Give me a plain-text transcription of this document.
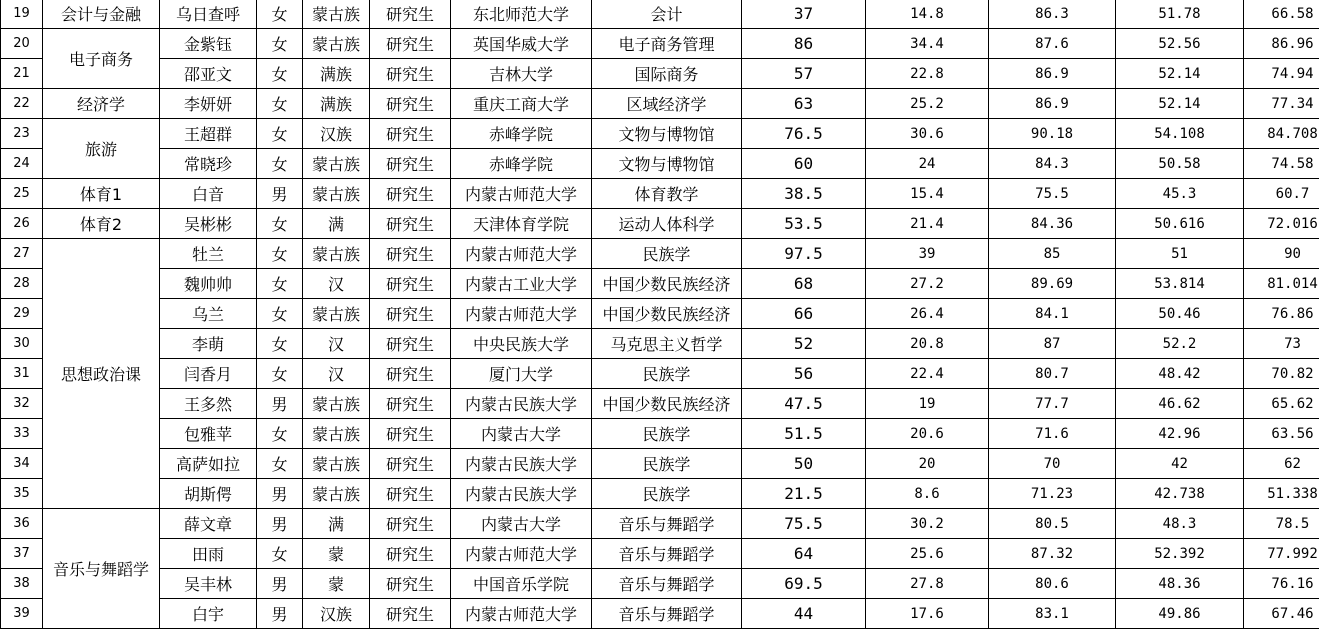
19	会计与金融	乌日查呼	女	蒙古族	研究生	东北师范大学	会计	37	14.8	86.3	51.78	66.58
20	电子商务	金紫钰	女	蒙古族	研究生	英国华威大学	电子商务管理	86	34.4	87.6	52.56	86.96
21		邵亚文	女	满族	研究生	吉林大学	国际商务	57	22.8	86.9	52.14	74.94
22	经济学	李妍妍	女	满族	研究生	重庆工商大学	区域经济学	63	25.2	86.9	52.14	77.34
23	旅游	王超群	女	汉族	研究生	赤峰学院	文物与博物馆	76.5	30.6	90.18	54.108	84.708
24		常晓珍	女	蒙古族	研究生	赤峰学院	文物与博物馆	60	24	84.3	50.58	74.58
25	体育1	白音	男	蒙古族	研究生	内蒙古师范大学	体育教学	38.5	15.4	75.5	45.3	60.7
26	体育2	吴彬彬	女	满	研究生	天津体育学院	运动人体科学	53.5	21.4	84.36	50.616	72.016
27	思想政治课	牡兰	女	蒙古族	研究生	内蒙古师范大学	民族学	97.5	39	85	51	90
28		魏帅帅	女	汉	研究生	内蒙古工业大学	中国少数民族经济	68	27.2	89.69	53.814	81.014
29		乌兰	女	蒙古族	研究生	内蒙古师范大学	中国少数民族经济	66	26.4	84.1	50.46	76.86
30		李萌	女	汉	研究生	中央民族大学	马克思主义哲学	52	20.8	87	52.2	73
31		闫香月	女	汉	研究生	厦门大学	民族学	56	22.4	80.7	48.42	70.82
32		王多然	男	蒙古族	研究生	内蒙古民族大学	中国少数民族经济	47.5	19	77.7	46.62	65.62
33		包雅苹	女	蒙古族	研究生	内蒙古大学	民族学	51.5	20.6	71.6	42.96	63.56
34		高萨如拉	女	蒙古族	研究生	内蒙古民族大学	民族学	50	20	70	42	62
35		胡斯偔	男	蒙古族	研究生	内蒙古民族大学	民族学	21.5	8.6	71.23	42.738	51.338
36	音乐与舞蹈学	薛文章	男	满	研究生	内蒙古大学	音乐与舞蹈学	75.5	30.2	80.5	48.3	78.5
37		田雨	女	蒙	研究生	内蒙古师范大学	音乐与舞蹈学	64	25.6	87.32	52.392	77.992
38		吴丰林	男	蒙	研究生	中国音乐学院	音乐与舞蹈学	69.5	27.8	80.6	48.36	76.16
39		白宇	男	汉族	研究生	内蒙古师范大学	音乐与舞蹈学	44	17.6	83.1	49.86	67.46
